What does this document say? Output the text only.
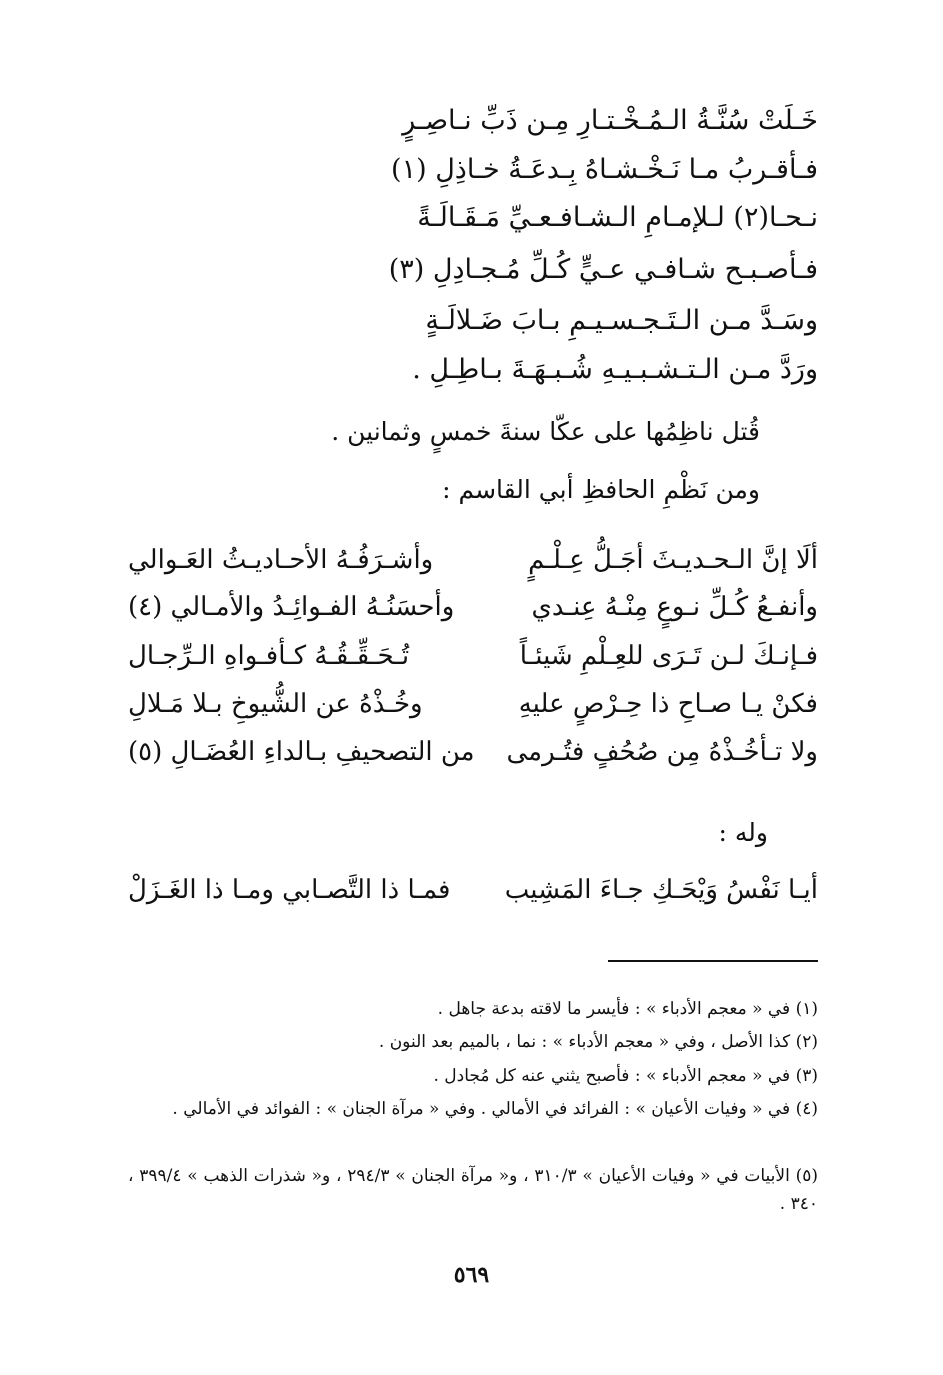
خَـلَتْ سُنَّـةُ الـمُـخْـتـارِ مِـن ذَبِّ نـاصِـرٍ
فـأقـربُ مـا نَـخْـشـاهُ بِـدعَـةُ خـاذِلِ (١)
نـحـا(٢) لـلإمـامِ الـشـافـعـيِّ مَـقَـالَـةً
فـأصـبـح شـافـي عـيٍّ كُـلِّ مُـجـادِلِ (٣)
وسَـدَّ مـن الـتَـجـسـيـمِ بـابَ ضَـلالَـةٍ
ورَدَّ مـن الـتـشـبـيـهِ شُـبـهَـةَ بـاطِـلِ .
قُتل ناظِمُها على عكّا سنةَ خمسٍ وثمانين .
ومن نَظْمِ الحافظِ أبي القاسم :
ألَا إنَّ الـحـديـثَ أجَـلُّ عِـلْـمٍ
وأشـرَفُـهُ الأحـاديـثُ العَـوالي
وأنفـعُ كُـلِّ نـوعٍ مِنْـهُ عِنـدي
وأحسَنُـهُ الفـوائِـدُ والأمـالي (٤)
فـإنـكَ لـن تَـرَى للعِـلْمِ شَيئـاً
تُـحَـقِّـقُـهُ كـأفـواهِ الـرِّجـال
فكنْ يـا صـاحِ ذا حِـرْصٍ عليهِ
وخُـذْهُ عن الشُّيوخِ بـلا مَـلالِ
ولا تـأخُـذْهُ مِن صُحُفٍ فتُـرمى
من التصحيفِ بـالداءِ العُضَـالِ (٥)
وله :
أيـا نَفْسُ وَيْحَـكِ جـاءَ المَشِيب
فمـا ذا التَّصـابي ومـا ذا الغَـزَلْ
(١) في « معجم الأدباء » : فأيسر ما لاقته بدعة جاهل .
(٢) كذا الأصل ، وفي « معجم الأدباء » : نما ، بالميم بعد النون .
(٣) في « معجم الأدباء » : فأصبح يثني عنه كل مُجادل .
(٤) في « وفيات الأعيان » : الفرائد في الأمالي . وفي « مرآة الجنان » : الفوائد في الأمالي .
(٥) الأبيات في « وفيات الأعيان » ٣١٠/٣ ، و« مرآة الجنان » ٢٩٤/٣ ، و« شذرات الذهب » ٣٩٩/٤ ، ٣٤٠ .
٥٦٩
